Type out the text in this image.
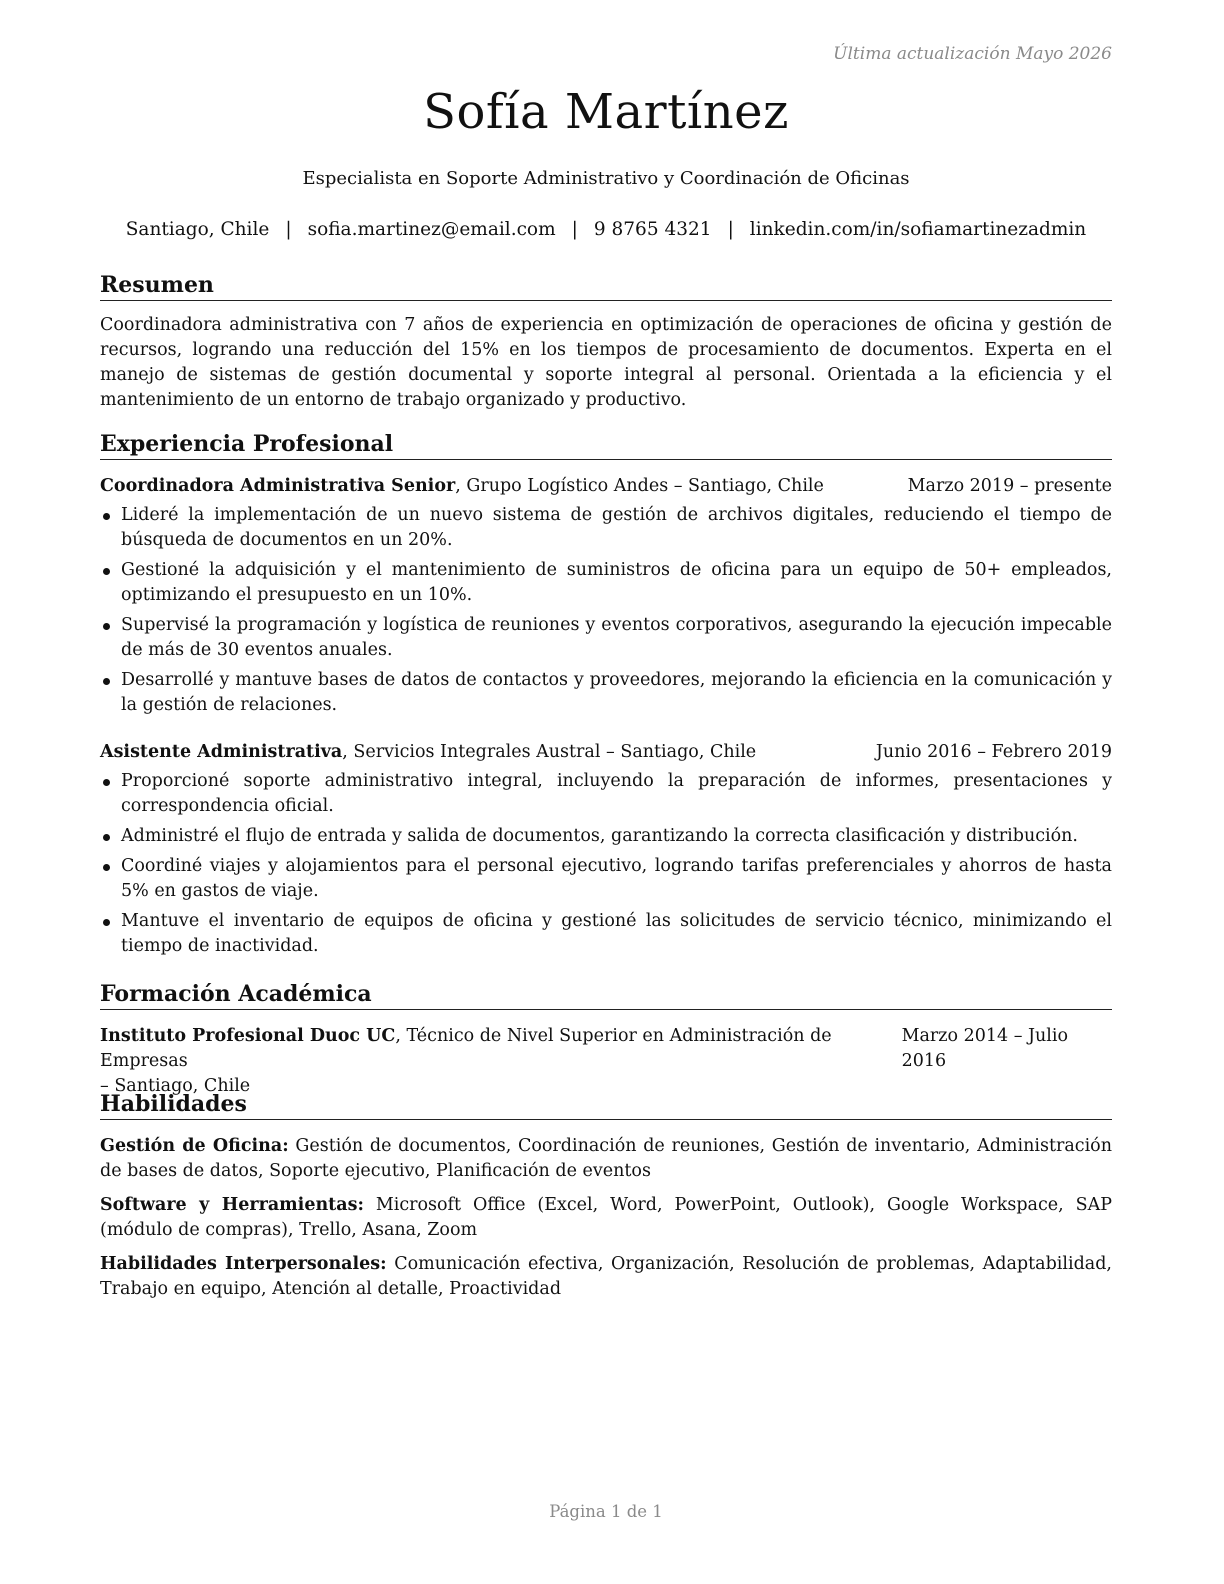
Última actualización Mayo 2026
Sofía Martínez
Especialista en Soporte Administrativo y Coordinación de Oficinas
Santiago, Chile | sofia.martinez@email.com | 9 8765 4321 | linkedin.com/in/sofiamartinezadmin
Resumen

Coordinadora administrativa con 7 años de experiencia en optimización de operaciones de oficina y gestión de recursos, logrando una reducción del 15% en los tiempos de procesamiento de documentos. Experta en el manejo de sistemas de gestión documental y soporte integral al personal. Orientada a la eficiencia y el mantenimiento de un entorno de trabajo organizado y productivo.

Experiencia Profesional
Coordinadora Administrativa Senior, Grupo Logístico Andes – Santiago, Chile	Marzo 2019 – presente
Lideré la implementación de un nuevo sistema de gestión de archivos digitales, reduciendo el tiempo de búsqueda de documentos en un 20%.
Gestioné la adquisición y el mantenimiento de suministros de oficina para un equipo de 50+ empleados, optimizando el presupuesto en un 10%.
Supervisé la programación y logística de reuniones y eventos corporativos, asegurando la ejecución impecable de más de 30 eventos anuales.
Desarrollé y mantuve bases de datos de contactos y proveedores, mejorando la eficiencia en la comunicación y la gestión de relaciones.
Asistente Administrativa, Servicios Integrales Austral – Santiago, Chile	Junio 2016 – Febrero 2019
Proporcioné soporte administrativo integral, incluyendo la preparación de informes, presentaciones y correspondencia oficial.
Administré el flujo de entrada y salida de documentos, garantizando la correcta clasificación y distribución.
Coordiné viajes y alojamientos para el personal ejecutivo, logrando tarifas preferenciales y ahorros de hasta 5% en gastos de viaje.
Mantuve el inventario de equipos de oficina y gestioné las solicitudes de servicio técnico, minimizando el tiempo de inactividad.
Formación Académica
Instituto Profesional Duoc UC, Técnico de Nivel Superior en Administración de Empresas
Marzo 2014 – Julio 2016
– Santiago, Chile
Habilidades

Gestión de Oficina: Gestión de documentos, Coordinación de reuniones, Gestión de inventario, Administración de bases de datos, Soporte ejecutivo, Planificación de eventos

Software y Herramientas: Microsoft Office (Excel, Word, PowerPoint, Outlook), Google Workspace, SAP (módulo de compras), Trello, Asana, Zoom

Habilidades Interpersonales: Comunicación efectiva, Organización, Resolución de problemas, Adaptabilidad, Trabajo en equipo, Atención al detalle, Proactividad

Página 1 de 1
